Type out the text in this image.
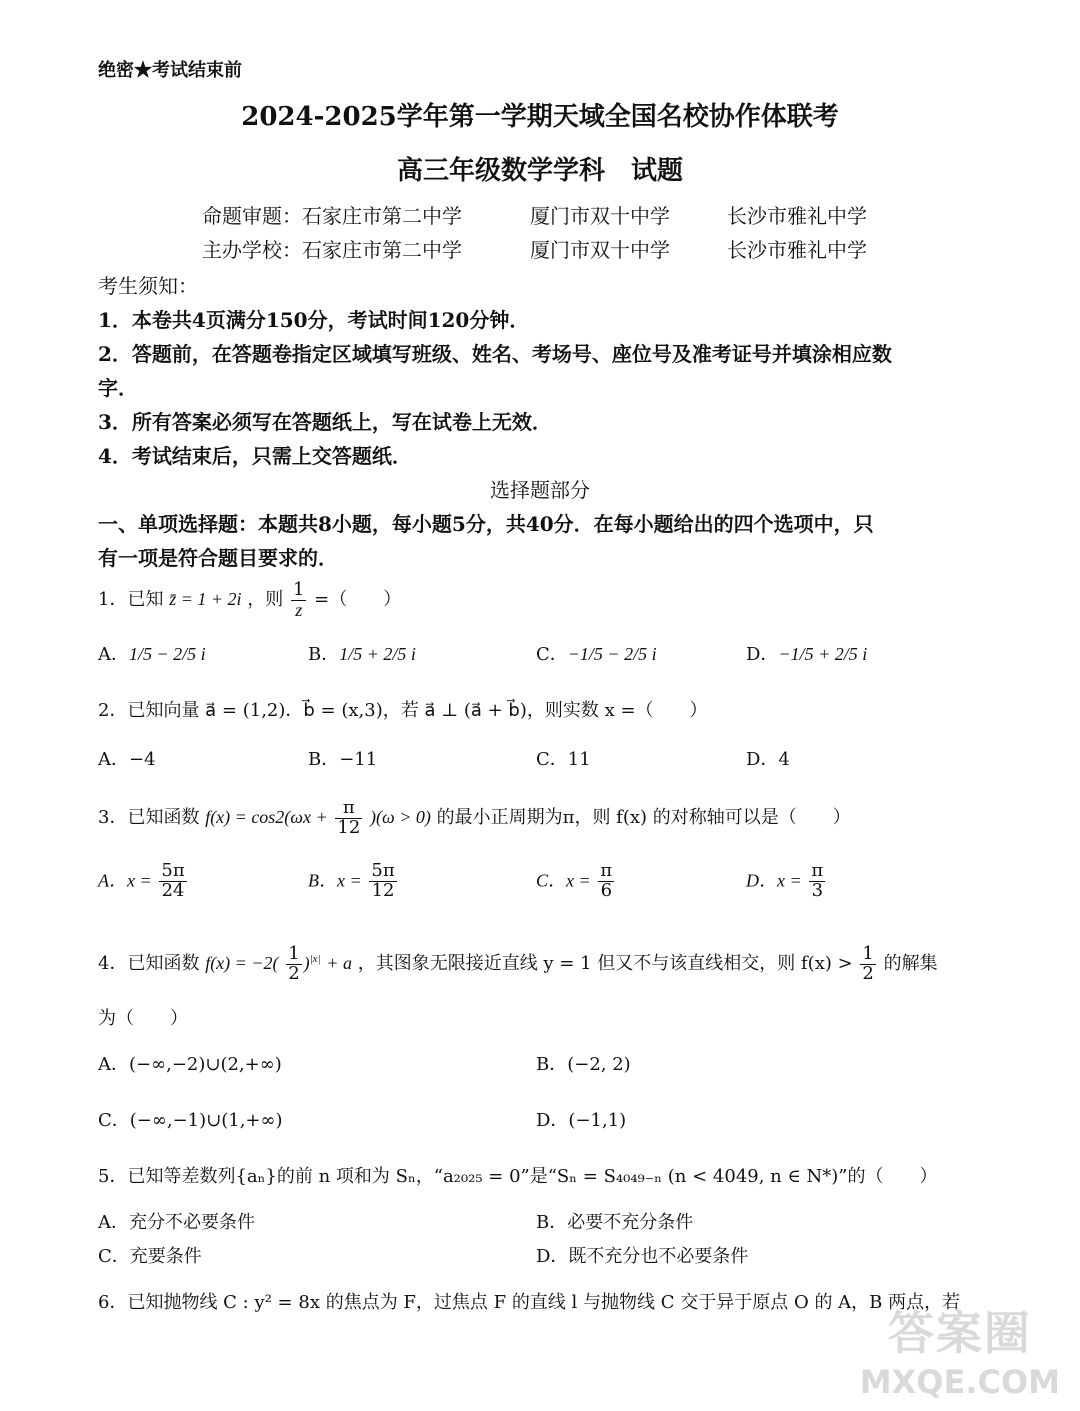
绝密★考试结束前
2024-2025学年第一学期天域全国名校协作体联考
高三年级数学学科　试题
命题审题：石家庄市第二中学	厦门市双十中学	长沙市雅礼中学
主办学校：石家庄市第二中学	厦门市双十中学	长沙市雅礼中学
考生须知：
1．本卷共4页满分150分，考试时间120分钟．
2．答题前，在答题卷指定区域填写班级、姓名、考场号、座位号及准考证号并填涂相应数
字．
3．所有答案必须写在答题纸上，写在试卷上无效．
4．考试结束后，只需上交答题纸．
选择题部分
一、单项选择题：本题共8小题，每小题5分，共40分．在每小题给出的四个选项中，只
有一项是符合题目要求的．
1．已知 z̄ = 1 + 2i ，则 $\frac{1}{z}$ =（　　）
A．1/5 − 2/5 i	B．1/5 + 2/5 i	C．−1/5 − 2/5 i	D．−1/5 + 2/5 i
2．已知向量 a⃗ = (1,2)．b⃗ = (x,3)，若 a⃗ ⊥ (a⃗ + b⃗)，则实数 x =（　　）
A．−4	B．−11	C．11	D．4
3．已知函数 $f(x) = \cos 2(\omega x + \frac{\pi}{12} )(\omega > 0)$ 的最小正周期为π，则 f(x) 的对称轴可以是（　　）
A．$x = \frac{5\pi}{24}$	B．$x = \frac{5\pi}{12}$	C．$x = \frac{\pi}{6}$	D．$x = \frac{\pi}{3}$
4．已知函数 $f(x) = -2( \frac{1}{2} )^{|x|} + a$ ，其图象无限接近直线 y = 1 但又不与该直线相交，则 $f(x) > \frac{1}{2}$ 的解集
为（　　）
A．(−∞,−2)∪(2,+∞)	B．(−2, 2)
C．(−∞,−1)∪(1,+∞)	D．(−1,1)
5．已知等差数列{aₙ}的前 n 项和为 Sₙ，“a₂₀₂₅ = 0”是“Sₙ = S₄₀₄₉₋ₙ (n < 4049, n ∈ N*)”的（　　）
A．充分不必要条件	B．必要不充分条件
C．充要条件	D．既不充分也不必要条件
6．已知抛物线 C : y² = 8x 的焦点为 F，过焦点 F 的直线 l 与抛物线 C 交于异于原点 O 的 A，B 两点，若
答案圈
MXQE.COM
